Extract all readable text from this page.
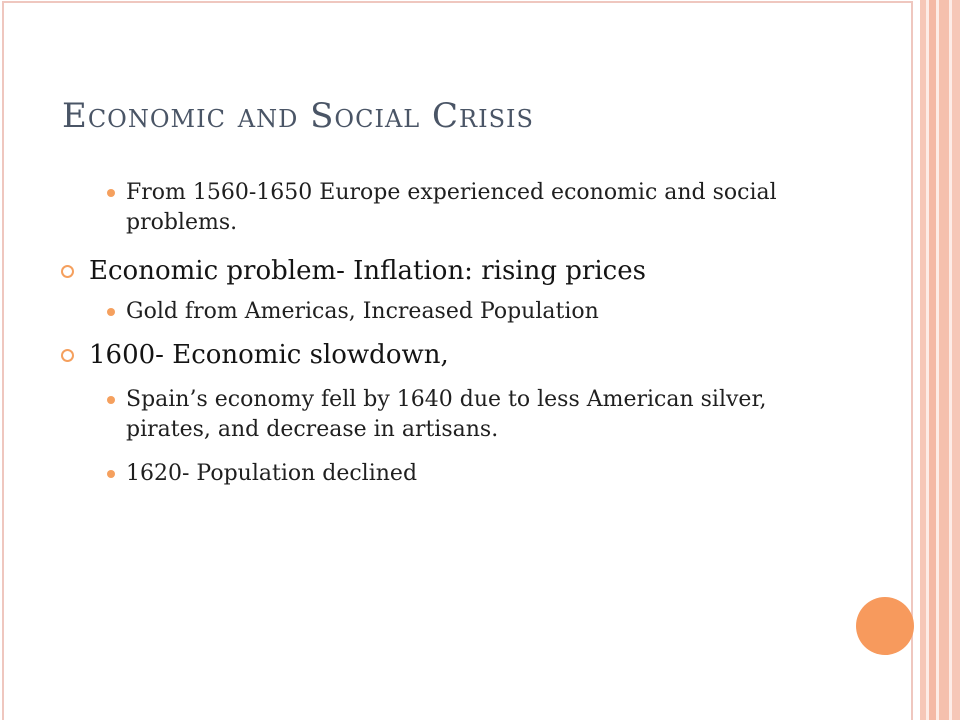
Economic and Social Crisis
From 1560-1650 Europe experienced economic and social problems.
Economic problem- Inflation: rising prices
Gold from Americas, Increased Population
1600- Economic slowdown,
Spain’s economy fell by 1640 due to less American silver, pirates, and decrease in artisans.
1620- Population declined
